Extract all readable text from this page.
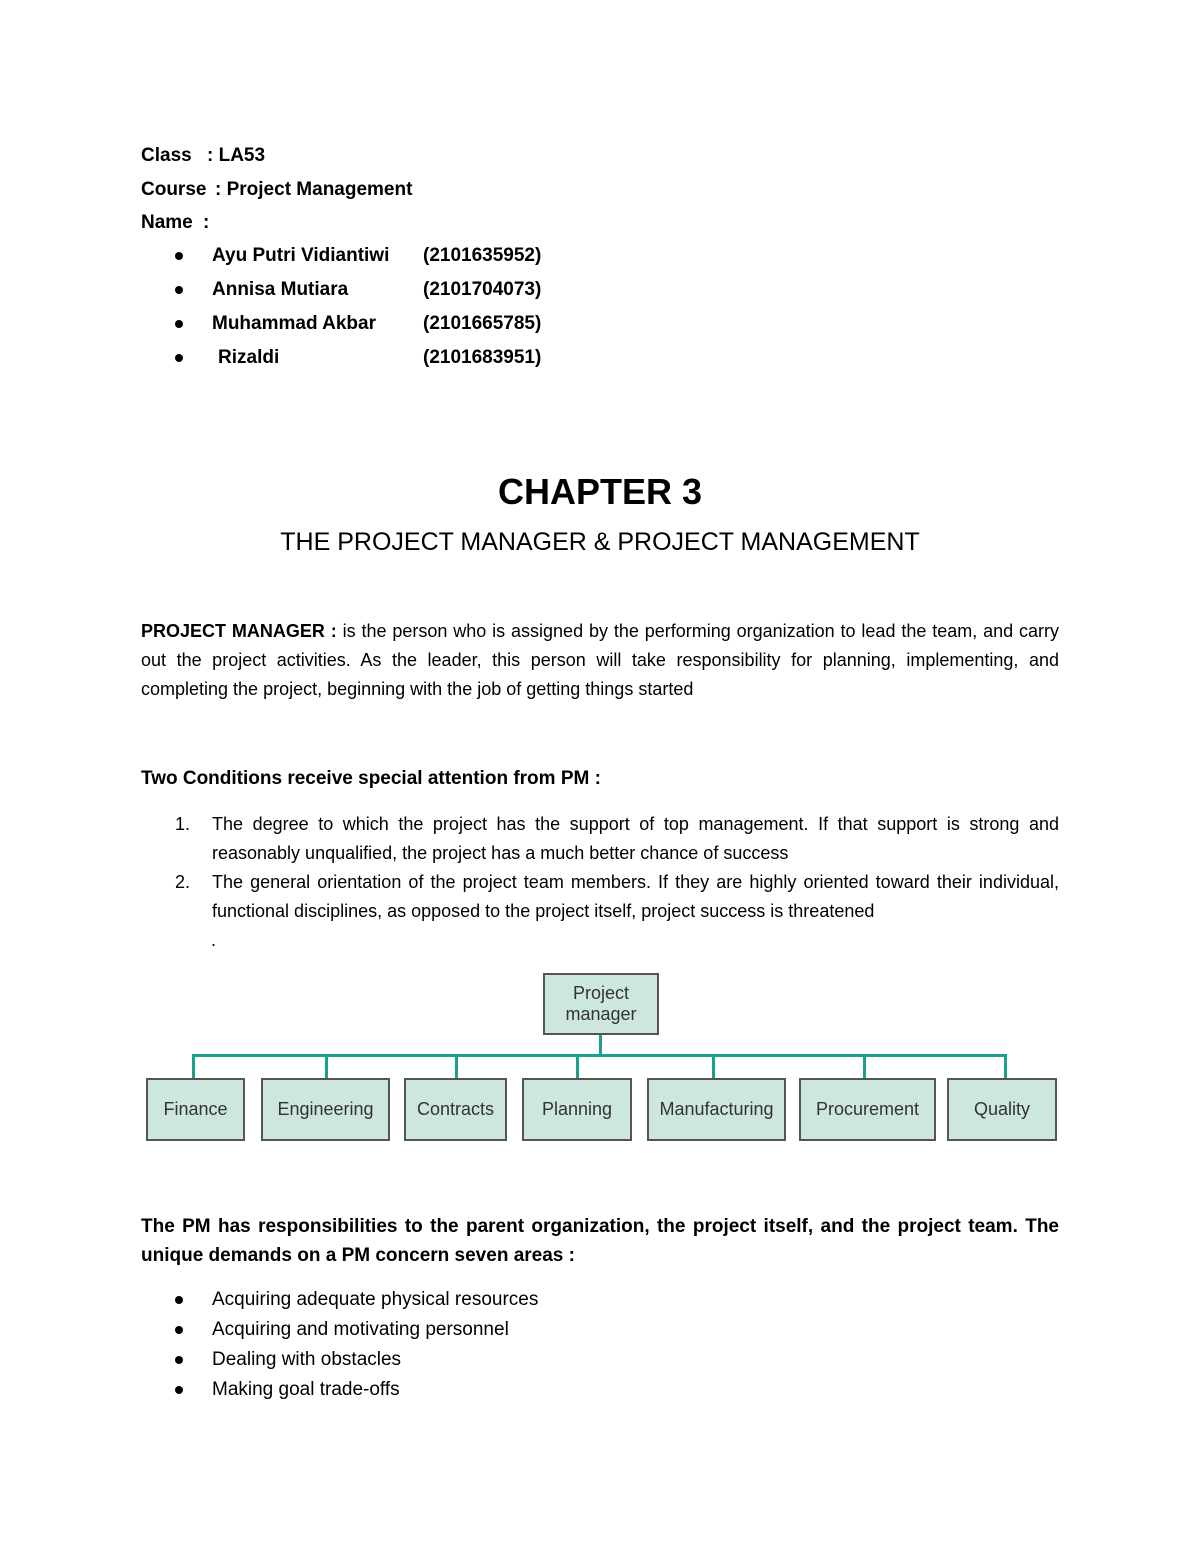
Class : LA53
Course : Project Management
Name :
Ayu Putri Vidiantiwi (2101635952)
Annisa Mutiara	(2101704073)
Muhammad Akbar (2101665785)
Rizaldi	(2101683951)
CHAPTER 3
THE PROJECT MANAGER & PROJECT MANAGEMENT
PROJECT MANAGER : is the person who is assigned by the performing organization to lead the team, and carry out the project activities. As the leader, this person will take responsibility for planning, implementing, and completing the project, beginning with the job of getting things started
Two Conditions receive special attention from PM :
1. The degree to which the project has the support of top management. If that support is strong and reasonably unqualified, the project has a much better chance of success
2. The general orientation of the project team members. If they are highly oriented toward their individual, functional disciplines, as opposed to the project itself, project success is threatened
.
Project
manager
Finance	Engineering	Contracts	Planning	Manufacturing	Procurement	Quality
The PM has responsibilities to the parent organization, the project itself, and the project team. The unique demands on a PM concern seven areas :
Acquiring adequate physical resources
Acquiring and motivating personnel
Dealing with obstacles
Making goal trade-offs
